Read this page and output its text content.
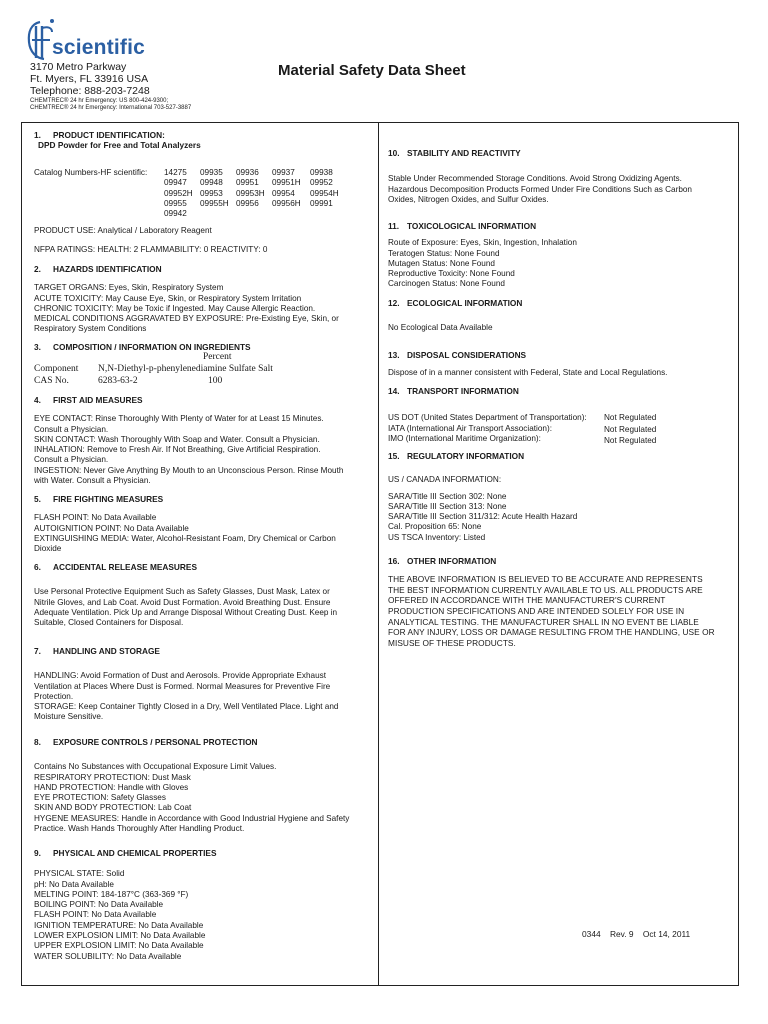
scientific
3170 Metro Parkway
Ft. Myers, FL 33916 USA
Telephone: 888-203-7248
CHEMTREC® 24 hr Emergency: US 800-424-9300;
CHEMTREC® 24 hr Emergency: International 703-527-3887
Material Safety Data Sheet
1. PRODUCT IDENTIFICATION:
DPD Powder for Free and Total Analyzers
Catalog Numbers-HF scientific:	14275	09935	09936	09937	09938
09947	09948	09951	09951H	09952
09952H 09953	09953H 09954	09954H
09955	09955H 09956	09956H	09991
09942
PRODUCT USE: Analytical / Laboratory Reagent
NFPA RATINGS: HEALTH: 2 FLAMMABILITY: 0 REACTIVITY: 0
2. HAZARDS IDENTIFICATION
TARGET ORGANS: Eyes, Skin, Respiratory System
ACUTE TOXICITY: May Cause Eye, Skin, or Respiratory System Irritation
CHRONIC TOXICITY: May be Toxic if Ingested. May Cause Allergic Reaction.
MEDICAL CONDITIONS AGGRAVATED BY EXPOSURE: Pre-Existing Eye, Skin, or
Respiratory System Conditions
3. COMPOSITION / INFORMATION ON INGREDIENTS
Percent
Component N,N-Diethyl-p-phenylenediamine Sulfate Salt
CAS No.	6283-63-2	100
4. FIRST AID MEASURES
EYE CONTACT: Rinse Thoroughly With Plenty of Water for at Least 15 Minutes.
Consult a Physician.
SKIN CONTACT: Wash Thoroughly With Soap and Water. Consult a Physician.
INHALATION: Remove to Fresh Air. If Not Breathing, Give Artificial Respiration.
Consult a Physician.
INGESTION: Never Give Anything By Mouth to an Unconscious Person. Rinse Mouth
with Water. Consult a Physician.
5. FIRE FIGHTING MEASURES
FLASH POINT: No Data Available
AUTOIGNITION POINT: No Data Available
EXTINGUISHING MEDIA: Water, Alcohol-Resistant Foam, Dry Chemical or Carbon
Dioxide
6. ACCIDENTAL RELEASE MEASURES
Use Personal Protective Equipment Such as Safety Glasses, Dust Mask, Latex or
Nitrile Gloves, and Lab Coat. Avoid Dust Formation. Avoid Breathing Dust. Ensure
Adequate Ventilation. Pick Up and Arrange Disposal Without Creating Dust. Keep in
Suitable, Closed Containers for Disposal.
7. HANDLING AND STORAGE
HANDLING: Avoid Formation of Dust and Aerosols. Provide Appropriate Exhaust
Ventilation at Places Where Dust is Formed. Normal Measures for Preventive Fire
Protection.
STORAGE: Keep Container Tightly Closed in a Dry, Well Ventilated Place. Light and
Moisture Sensitive.
8. EXPOSURE CONTROLS / PERSONAL PROTECTION
Contains No Substances with Occupational Exposure Limit Values.
RESPIRATORY PROTECTION: Dust Mask
HAND PROTECTION: Handle with Gloves
EYE PROTECTION: Safety Glasses
SKIN AND BODY PROTECTION: Lab Coat
HYGENE MEASURES: Handle in Accordance with Good Industrial Hygiene and Safety
Practice. Wash Hands Thoroughly After Handling Product.
9. PHYSICAL AND CHEMICAL PROPERTIES
PHYSICAL STATE: Solid
pH: No Data Available
MELTING POINT: 184-187°C (363-369 °F)
BOILING POINT: No Data Available
FLASH POINT: No Data Available
IGNITION TEMPERATURE: No Data Available
LOWER EXPLOSION LIMIT: No Data Available
UPPER EXPLOSION LIMIT: No Data Available
WATER SOLUBILITY: No Data Available
10. STABILITY AND REACTIVITY
Stable Under Recommended Storage Conditions. Avoid Strong Oxidizing Agents.
Hazardous Decomposition Products Formed Under Fire Conditions Such as Carbon
Oxides, Nitrogen Oxides, and Sulfur Oxides.
11. TOXICOLOGICAL INFORMATION
Route of Exposure: Eyes, Skin, Ingestion, Inhalation
Teratogen Status: None Found
Mutagen Status: None Found
Reproductive Toxicity: None Found
Carcinogen Status: None Found
12. ECOLOGICAL INFORMATION
No Ecological Data Available
13. DISPOSAL CONSIDERATIONS
Dispose of in a manner consistent with Federal, State and Local Regulations.
14. TRANSPORT INFORMATION
US DOT (United States Department of Transportation): Not Regulated
IATA (International Air Transport Association):	Not Regulated
IMO (International Maritime Organization):	Not Regulated
15. REGULATORY INFORMATION
US / CANADA INFORMATION:
SARA/Title III Section 302: None
SARA/Title III Section 313: None
SARA/Title III Section 311/312: Acute Health Hazard
Cal. Proposition 65: None
US TSCA Inventory: Listed
16. OTHER INFORMATION
THE ABOVE INFORMATION IS BELIEVED TO BE ACCURATE AND REPRESENTS
THE BEST INFORMATION CURRENTLY AVAILABLE TO US. ALL PRODUCTS ARE
OFFERED IN ACCORDANCE WITH THE MANUFACTURER'S CURRENT
PRODUCTION SPECIFICATIONS AND ARE INTENDED SOLELY FOR USE IN
ANALYTICAL TESTING. THE MANUFACTURER SHALL IN NO EVENT BE LIABLE
FOR ANY INJURY, LOSS OR DAMAGE RESULTING FROM THE HANDLING, USE OR
MISUSE OF THESE PRODUCTS.
0344 Rev. 9 Oct 14, 2011
